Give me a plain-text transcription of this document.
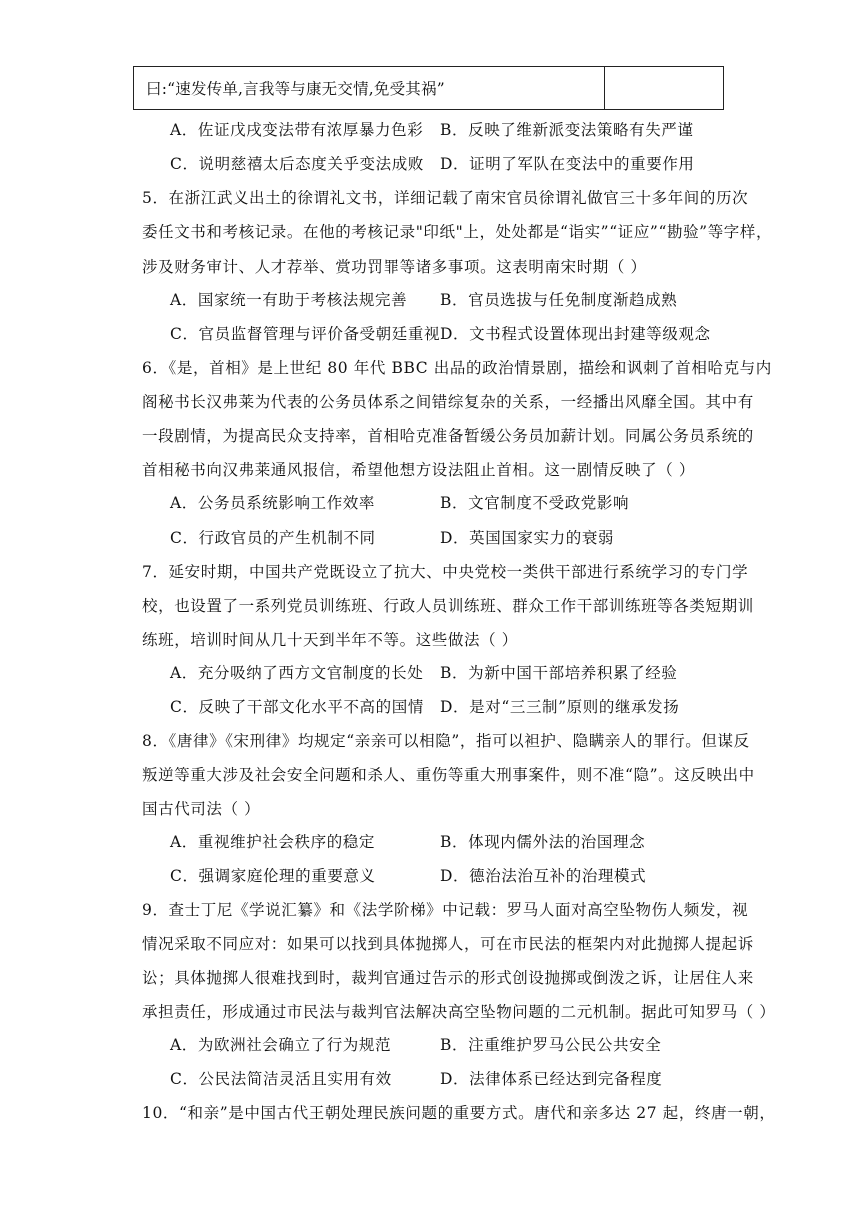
曰:“速发传单,言我等与康无交情,免受其祸”
A．佐证戊戌变法带有浓厚暴力色彩 B．反映了维新派变法策略有失严谨
C．说明慈禧太后态度关乎变法成败 D．证明了军队在变法中的重要作用
5．在浙江武义出土的徐谓礼文书，详细记载了南宋官员徐谓礼做官三十多年间的历次
委任文书和考核记录。在他的考核记录"印纸"上，处处都是“诣实”“证应”“勘验”等字样，
涉及财务审计、人才荐举、赏功罚罪等诸多事项。这表明南宋时期（ ）
A．国家统一有助于考核法规完善 B．官员选拔与任免制度渐趋成熟
C．官员监督管理与评价备受朝廷重视 D．文书程式设置体现出封建等级观念
6．《是，首相》是上世纪 80 年代 BBC 出品的政治情景剧，描绘和讽刺了首相哈克与内
阁秘书长汉弗莱为代表的公务员体系之间错综复杂的关系，一经播出风靡全国。其中有
一段剧情，为提高民众支持率，首相哈克准备暂缓公务员加薪计划。同属公务员系统的
首相秘书向汉弗莱通风报信，希望他想方设法阻止首相。这一剧情反映了（ ）
A．公务员系统影响工作效率	B．文官制度不受政党影响
C．行政官员的产生机制不同	D．英国国家实力的衰弱
7．延安时期，中国共产党既设立了抗大、中央党校一类供干部进行系统学习的专门学
校，也设置了一系列党员训练班、行政人员训练班、群众工作干部训练班等各类短期训
练班，培训时间从几十天到半年不等。这些做法（ ）
A．充分吸纳了西方文官制度的长处 B．为新中国干部培养积累了经验
C．反映了干部文化水平不高的国情 D．是对“三三制”原则的继承发扬
8．《唐律》《宋刑律》均规定“亲亲可以相隐”，指可以袒护、隐瞒亲人的罪行。但谋反
叛逆等重大涉及社会安全问题和杀人、重伤等重大刑事案件，则不准“隐”。这反映出中
国古代司法（ ）
A．重视维护社会秩序的稳定	B．体现内儒外法的治国理念
C．强调家庭伦理的重要意义	D．德治法治互补的治理模式
9．查士丁尼《学说汇纂》和《法学阶梯》中记载：罗马人面对高空坠物伤人频发，视
情况采取不同应对：如果可以找到具体抛掷人，可在市民法的框架内对此抛掷人提起诉
讼；具体抛掷人很难找到时，裁判官通过告示的形式创设抛掷或倒泼之诉，让居住人来
承担责任，形成通过市民法与裁判官法解决高空坠物问题的二元机制。据此可知罗马（ ）
A．为欧洲社会确立了行为规范	B．注重维护罗马公民公共安全
C．公民法简洁灵活且实用有效	D．法律体系已经达到完备程度
10．“和亲”是中国古代王朝处理民族问题的重要方式。唐代和亲多达 27 起，终唐一朝，
